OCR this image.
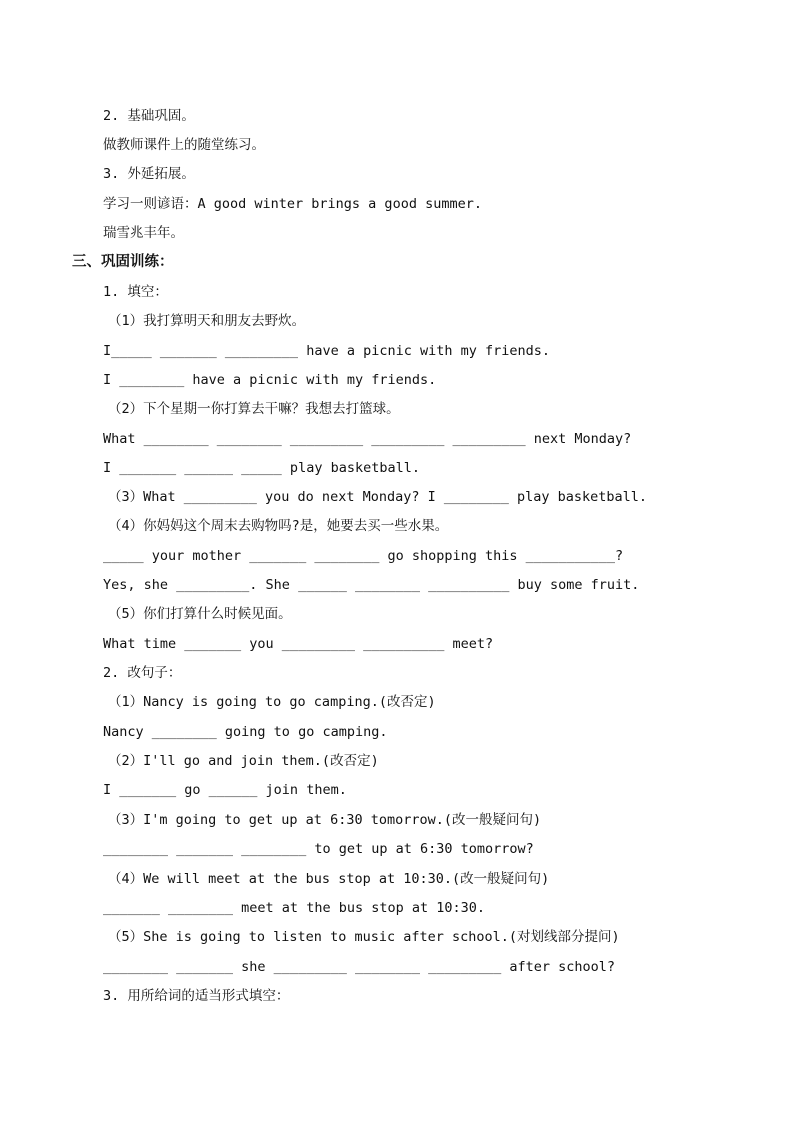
2. 基础巩固。
做教师课件上的随堂练习。
3. 外延拓展。
学习一则谚语：A good winter brings a good summer.
瑞雪兆丰年。
三、巩固训练：
1. 填空：
（1）我打算明天和朋友去野炊。
I_____ _______ _________ have a picnic with my friends.
I ________ have a picnic with my friends.
（2）下个星期一你打算去干嘛？我想去打篮球。
What ________ ________ _________ _________ _________ next Monday?
I _______ ______ _____ play basketball.
（3）What _________ you do next Monday? I ________ play basketball.
（4）你妈妈这个周末去购物吗?是，她要去买一些水果。
_____ your mother _______ ________ go shopping this ___________?
Yes, she _________. She ______ ________ __________ buy some fruit.
（5）你们打算什么时候见面。
What time _______ you _________ __________ meet?
2. 改句子：
（1）Nancy is going to go camping.(改否定)
Nancy ________ going to go camping.
（2）I'll go and join them.(改否定)
I _______ go ______ join them.
（3）I'm going to get up at 6:30 tomorrow.(改一般疑问句)
________ _______ ________ to get up at 6:30 tomorrow?
（4）We will meet at the bus stop at 10:30.(改一般疑问句)
_______ ________ meet at the bus stop at 10:30.
（5）She is going to listen to music after school.(对划线部分提问)
________ _______ she _________ ________ _________ after school?
3. 用所给词的适当形式填空：
